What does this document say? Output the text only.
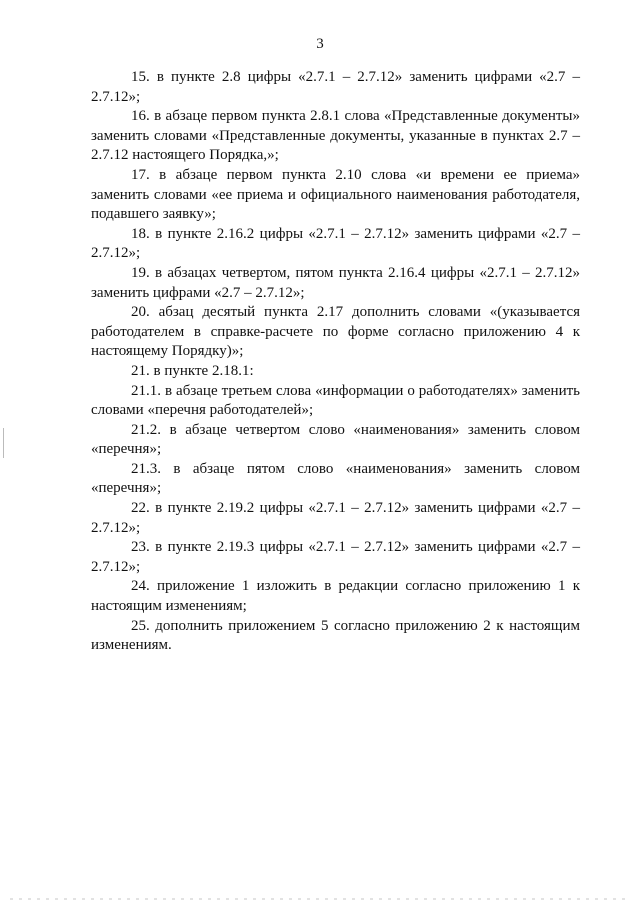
3

15. в пункте 2.8 цифры «2.7.1 – 2.7.12» заменить цифрами «2.7 – 2.7.12»;

16. в абзаце первом пункта 2.8.1 слова «Представленные документы» заменить словами «Представленные документы, указанные в пунктах 2.7 – 2.7.12 настоящего Порядка,»;

17. в абзаце первом пункта 2.10 слова «и времени ее приема» заменить словами «ее приема и официального наименования работодателя, подавшего заявку»;

18. в пункте 2.16.2 цифры «2.7.1 – 2.7.12» заменить цифрами «2.7 – 2.7.12»;

19. в абзацах четвертом, пятом пункта 2.16.4 цифры «2.7.1 – 2.7.12» заменить цифрами «2.7 – 2.7.12»;

20. абзац десятый пункта 2.17 дополнить словами «(указывается работодателем в справке-расчете по форме согласно приложению 4 к настоящему Порядку)»;

21. в пункте 2.18.1:

21.1. в абзаце третьем слова «информации о работодателях» заменить словами «перечня работодателей»;

21.2. в абзаце четвертом слово «наименования» заменить словом «перечня»;

21.3. в абзаце пятом слово «наименования» заменить словом «перечня»;

22. в пункте 2.19.2 цифры «2.7.1 – 2.7.12» заменить цифрами «2.7 – 2.7.12»;

23. в пункте 2.19.3 цифры «2.7.1 – 2.7.12» заменить цифрами «2.7 – 2.7.12»;

24. приложение 1 изложить в редакции согласно приложению 1 к настоящим изменениям;

25. дополнить приложением 5 согласно приложению 2 к настоящим изменениям.
